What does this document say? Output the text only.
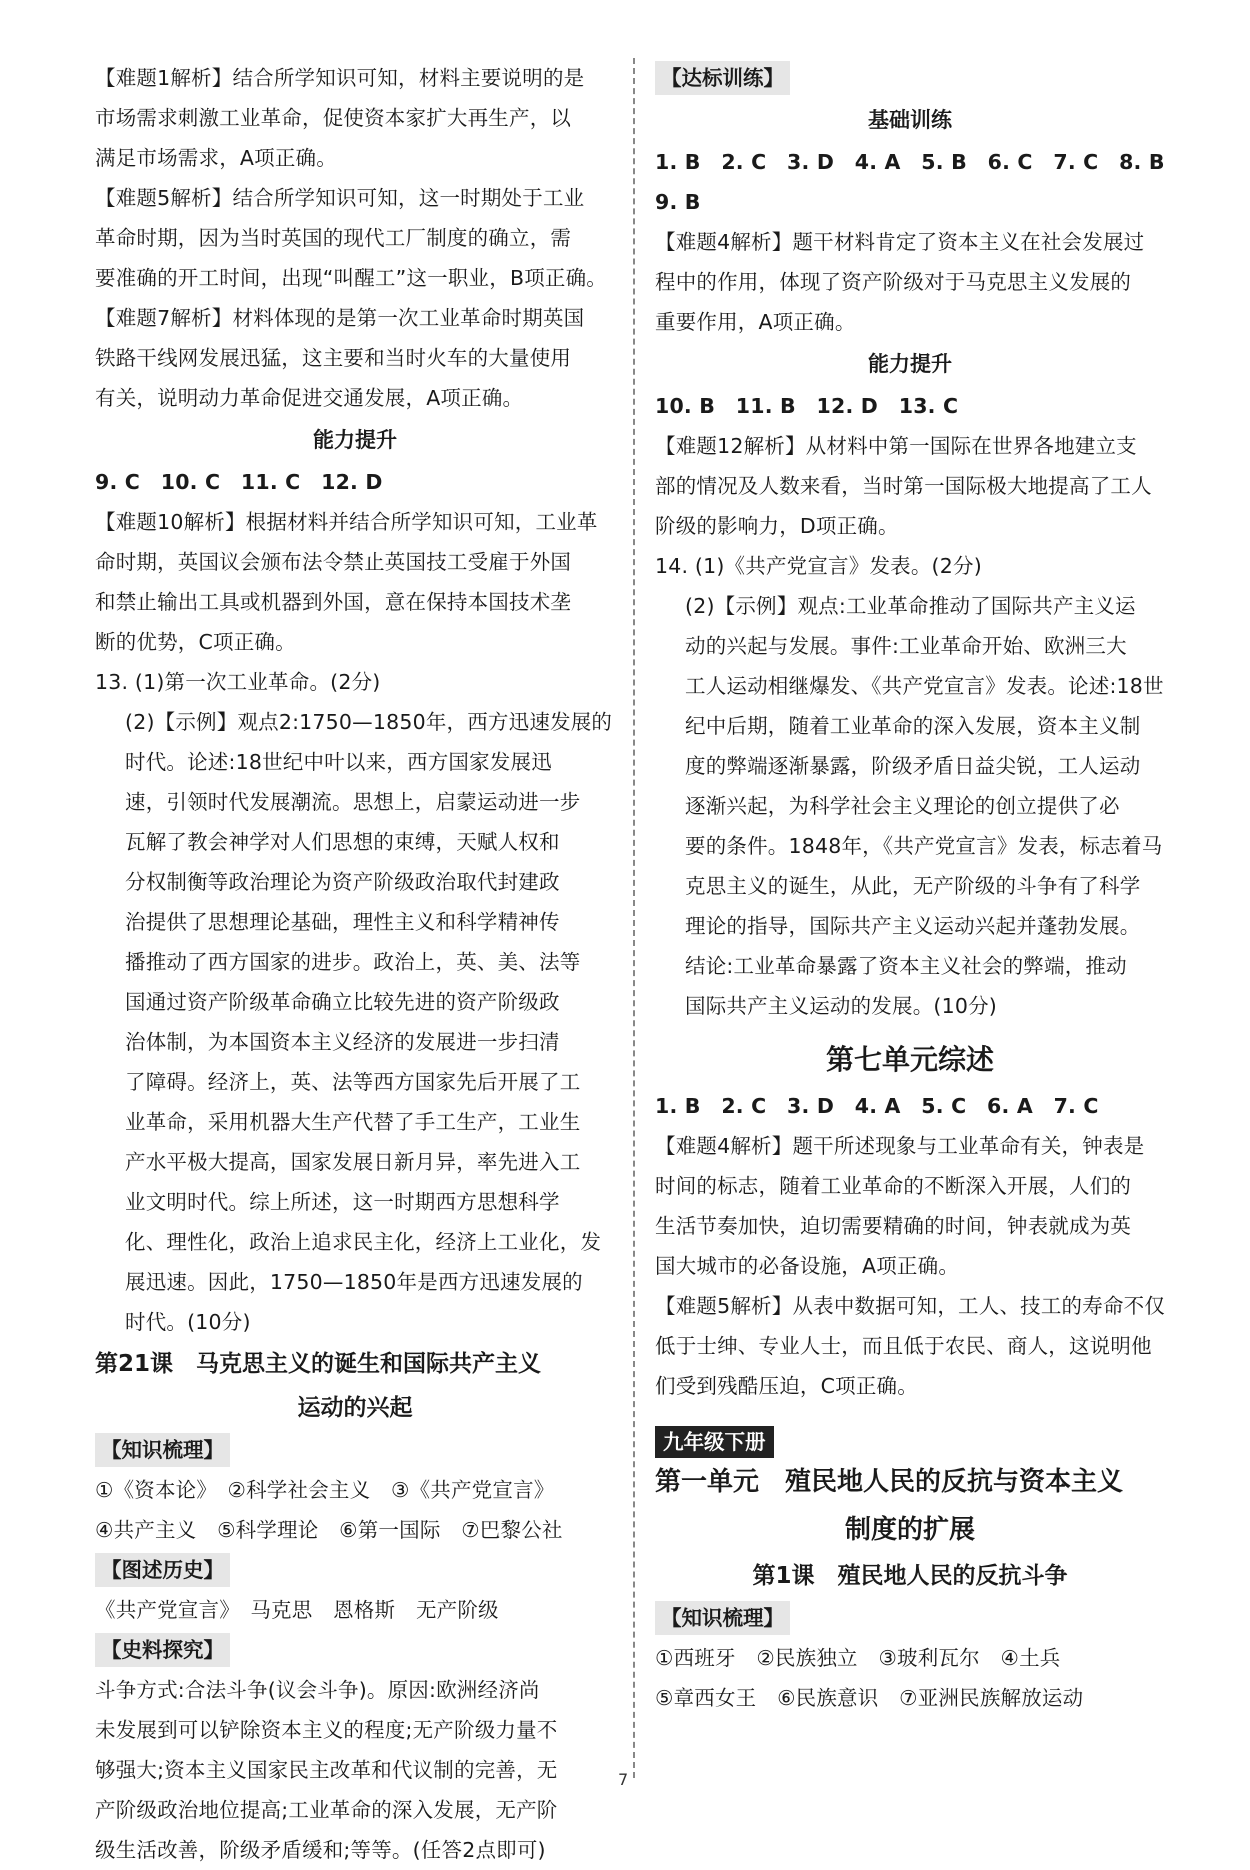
【难题1解析】结合所学知识可知，材料主要说明的是
市场需求刺激工业革命，促使资本家扩大再生产，以
满足市场需求，A项正确。
【难题5解析】结合所学知识可知，这一时期处于工业
革命时期，因为当时英国的现代工厂制度的确立，需
要准确的开工时间，出现“叫醒工”这一职业，B项正确。
【难题7解析】材料体现的是第一次工业革命时期英国
铁路干线网发展迅猛，这主要和当时火车的大量使用
有关，说明动力革命促进交通发展，A项正确。
能力提升
9. C　10. C　11. C　12. D
【难题10解析】根据材料并结合所学知识可知，工业革
命时期，英国议会颁布法令禁止英国技工受雇于外国
和禁止输出工具或机器到外国，意在保持本国技术垄
断的优势，C项正确。
13. (1)第一次工业革命。(2分)
(2)【示例】观点2:1750—1850年，西方迅速发展的
时代。论述:18世纪中叶以来，西方国家发展迅
速，引领时代发展潮流。思想上，启蒙运动进一步
瓦解了教会神学对人们思想的束缚，天赋人权和
分权制衡等政治理论为资产阶级政治取代封建政
治提供了思想理论基础，理性主义和科学精神传
播推动了西方国家的进步。政治上，英、美、法等
国通过资产阶级革命确立比较先进的资产阶级政
治体制，为本国资本主义经济的发展进一步扫清
了障碍。经济上，英、法等西方国家先后开展了工
业革命，采用机器大生产代替了手工生产，工业生
产水平极大提高，国家发展日新月异，率先进入工
业文明时代。综上所述，这一时期西方思想科学
化、理性化，政治上追求民主化，经济上工业化，发
展迅速。因此，1750—1850年是西方迅速发展的
时代。(10分)
第21课　马克思主义的诞生和国际共产主义
运动的兴起
【知识梳理】
①《资本论》　②科学社会主义　③《共产党宣言》
④共产主义　⑤科学理论　⑥第一国际　⑦巴黎公社
【图述历史】
《共产党宣言》　马克思　恩格斯　无产阶级
【史料探究】
斗争方式:合法斗争(议会斗争)。原因:欧洲经济尚
未发展到可以铲除资本主义的程度;无产阶级力量不
够强大;资本主义国家民主改革和代议制的完善，无
产阶级政治地位提高;工业革命的深入发展，无产阶
级生活改善，阶级矛盾缓和;等等。(任答2点即可)
【达标训练】
基础训练
1. B　2. C　3. D　4. A　5. B　6. C　7. C　8. B
9. B
【难题4解析】题干材料肯定了资本主义在社会发展过
程中的作用，体现了资产阶级对于马克思主义发展的
重要作用，A项正确。
能力提升
10. B　11. B　12. D　13. C
【难题12解析】从材料中第一国际在世界各地建立支
部的情况及人数来看，当时第一国际极大地提高了工人
阶级的影响力，D项正确。
14. (1)《共产党宣言》发表。(2分)
(2)【示例】观点:工业革命推动了国际共产主义运
动的兴起与发展。事件:工业革命开始、欧洲三大
工人运动相继爆发、《共产党宣言》发表。论述:18世
纪中后期，随着工业革命的深入发展，资本主义制
度的弊端逐渐暴露，阶级矛盾日益尖锐，工人运动
逐渐兴起，为科学社会主义理论的创立提供了必
要的条件。1848年，《共产党宣言》发表，标志着马
克思主义的诞生，从此，无产阶级的斗争有了科学
理论的指导，国际共产主义运动兴起并蓬勃发展。
结论:工业革命暴露了资本主义社会的弊端，推动
国际共产主义运动的发展。(10分)
第七单元综述
1. B　2. C　3. D　4. A　5. C　6. A　7. C
【难题4解析】题干所述现象与工业革命有关，钟表是
时间的标志，随着工业革命的不断深入开展，人们的
生活节奏加快，迫切需要精确的时间，钟表就成为英
国大城市的必备设施，A项正确。
【难题5解析】从表中数据可知，工人、技工的寿命不仅
低于士绅、专业人士，而且低于农民、商人，这说明他
们受到残酷压迫，C项正确。
九年级下册
第一单元　殖民地人民的反抗与资本主义
制度的扩展
第1课　殖民地人民的反抗斗争
【知识梳理】
①西班牙　②民族独立　③玻利瓦尔　④土兵
⑤章西女王　⑥民族意识　⑦亚洲民族解放运动
7
